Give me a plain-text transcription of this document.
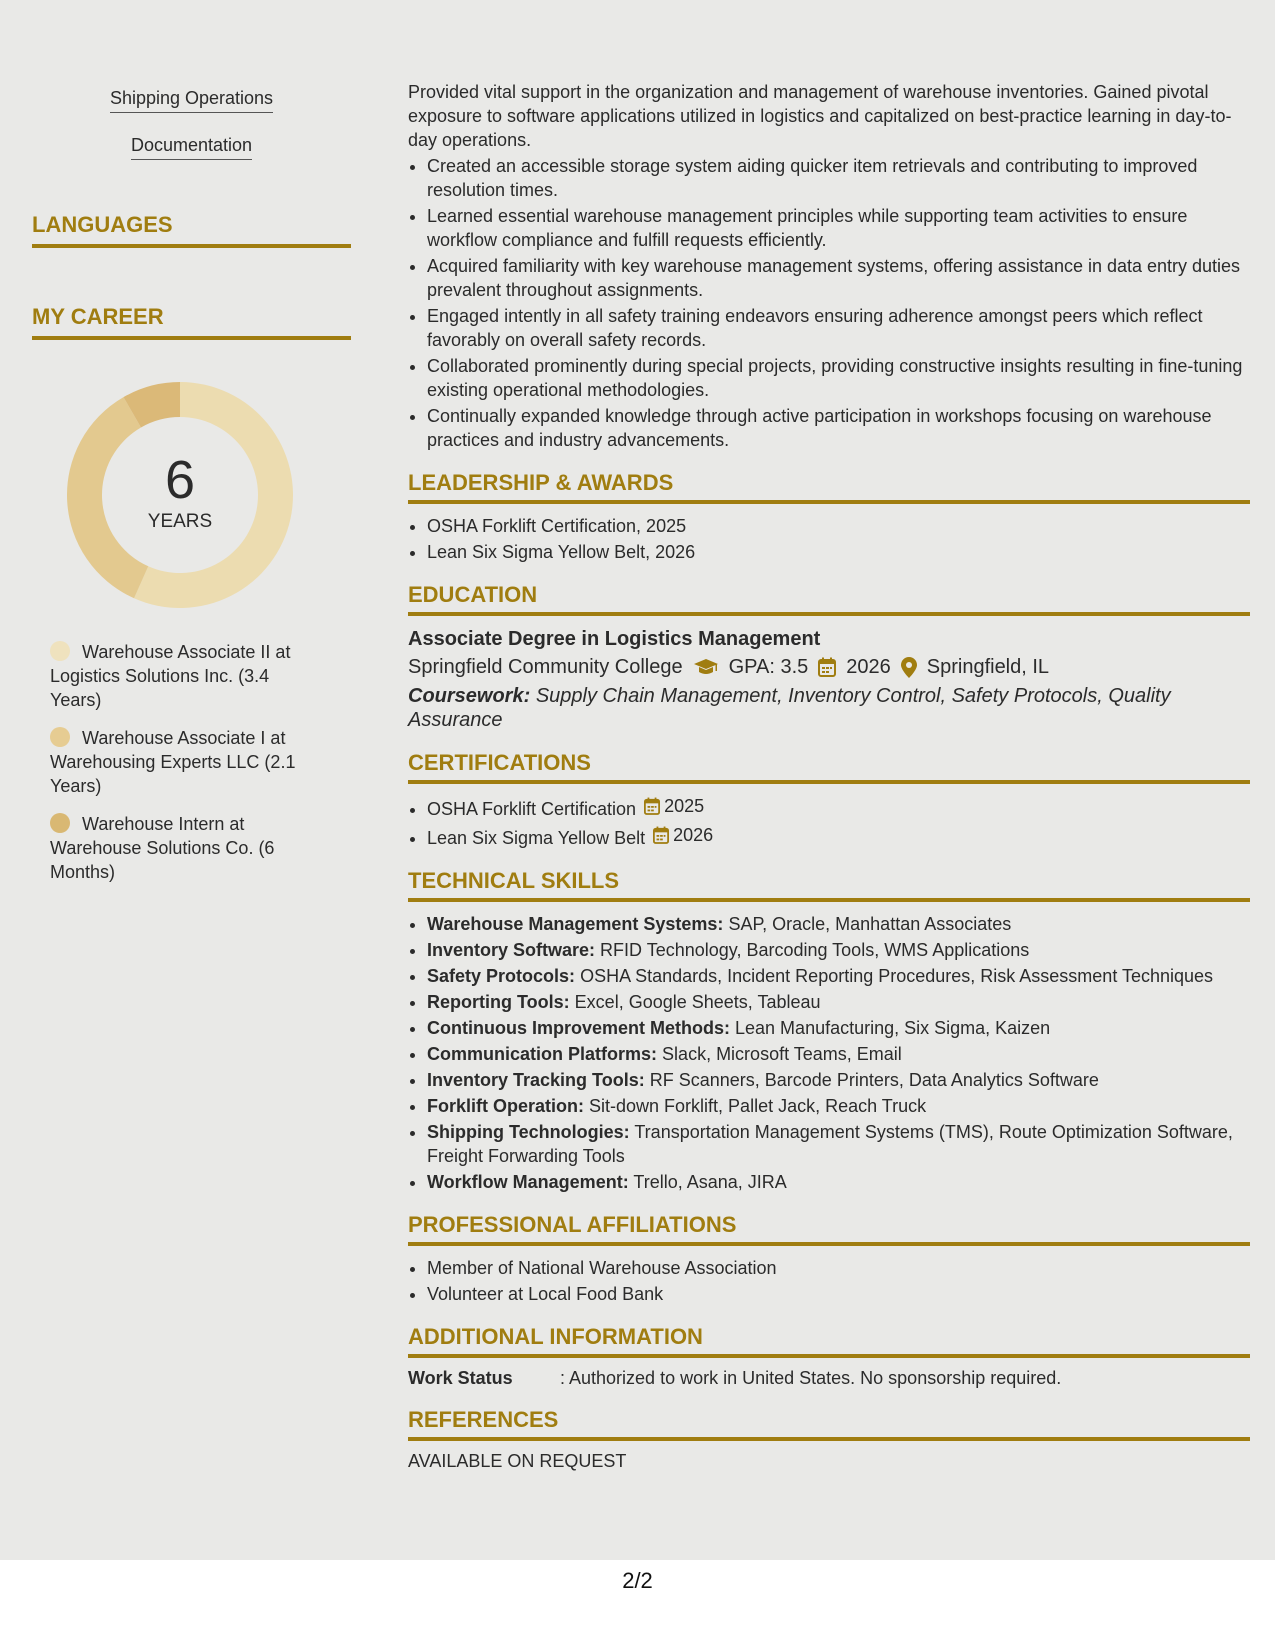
Shipping Operations
Documentation
LANGUAGES
MY CAREER
6
YEARS
Warehouse Associate II at Logistics Solutions Inc. (3.4 Years)
Warehouse Associate I at Warehousing Experts LLC (2.1 Years)
Warehouse Intern at Warehouse Solutions Co. (6 Months)

Provided vital support in the organization and management of warehouse inventories. Gained pivotal exposure to software applications utilized in logistics and capitalized on best-practice learning in day-to-day operations.

• Created an accessible storage system aiding quicker item retrievals and contributing to improved resolution times.
• Learned essential warehouse management principles while supporting team activities to ensure workflow compliance and fulfill requests efficiently.
• Acquired familiarity with key warehouse management systems, offering assistance in data entry duties prevalent throughout assignments.
• Engaged intently in all safety training endeavors ensuring adherence amongst peers which reflect favorably on overall safety records.
• Collaborated prominently during special projects, providing constructive insights resulting in fine-tuning existing operational methodologies.
• Continually expanded knowledge through active participation in workshops focusing on warehouse practices and industry advancements.
LEADERSHIP & AWARDS
• OSHA Forklift Certification, 2025
• Lean Six Sigma Yellow Belt, 2026
EDUCATION
Associate Degree in Logistics Management
Springfield Community College GPA: 3.5 2026 Springfield, IL
Coursework: Supply Chain Management, Inventory Control, Safety Protocols, Quality Assurance
CERTIFICATIONS
• OSHA Forklift Certification 2025
• Lean Six Sigma Yellow Belt 2026
TECHNICAL SKILLS
• Warehouse Management Systems: SAP, Oracle, Manhattan Associates
• Inventory Software: RFID Technology, Barcoding Tools, WMS Applications
• Safety Protocols: OSHA Standards, Incident Reporting Procedures, Risk Assessment Techniques
• Reporting Tools: Excel, Google Sheets, Tableau
• Continuous Improvement Methods: Lean Manufacturing, Six Sigma, Kaizen
• Communication Platforms: Slack, Microsoft Teams, Email
• Inventory Tracking Tools: RF Scanners, Barcode Printers, Data Analytics Software
• Forklift Operation: Sit-down Forklift, Pallet Jack, Reach Truck
• Shipping Technologies: Transportation Management Systems (TMS), Route Optimization Software, Freight Forwarding Tools
• Workflow Management: Trello, Asana, JIRA
PROFESSIONAL AFFILIATIONS
• Member of National Warehouse Association
• Volunteer at Local Food Bank
ADDITIONAL INFORMATION
Work Status	: Authorized to work in United States. No sponsorship required.
REFERENCES
AVAILABLE ON REQUEST
2/2
